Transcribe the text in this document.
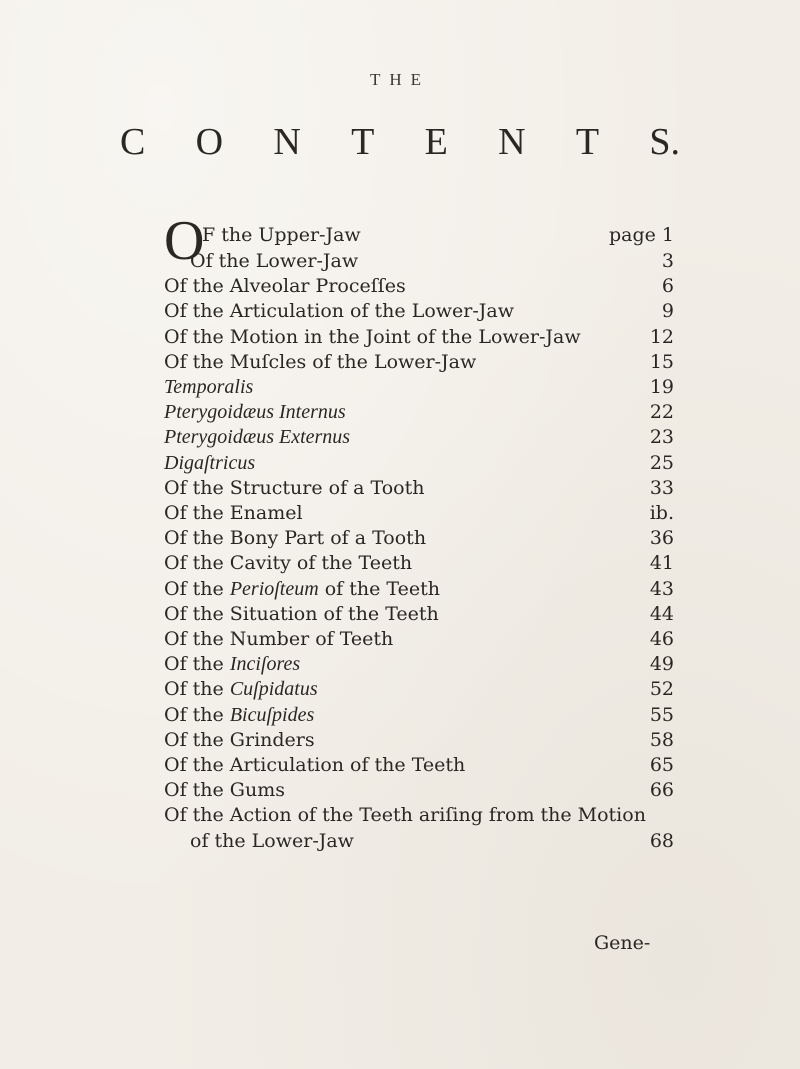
THE
C O N T E N T S.
O
F the Upper-Jaw	page 1
Of the Lower-Jaw	3
Of the Alveolar Proceſſes	6
Of the Articulation of the Lower-Jaw	9
Of the Motion in the Joint of the Lower-Jaw	12
Of the Muſcles of the Lower-Jaw	15
Temporalis	19
Pterygoidæus Internus	22
Pterygoidæus Externus	23
Digaſtricus	25
Of the Structure of a Tooth	33
Of the Enamel	ib.
Of the Bony Part of a Tooth	36
Of the Cavity of the Teeth	41
Of the Perioſteum of the Teeth	43
Of the Situation of the Teeth	44
Of the Number of Teeth	46
Of the Inciſores	49
Of the Cuſpidatus	52
Of the Bicuſpides	55
Of the Grinders	58
Of the Articulation of the Teeth	65
Of the Gums	66
Of the Action of the Teeth ariſing from the Motion
of the Lower-Jaw	68
Gene-
